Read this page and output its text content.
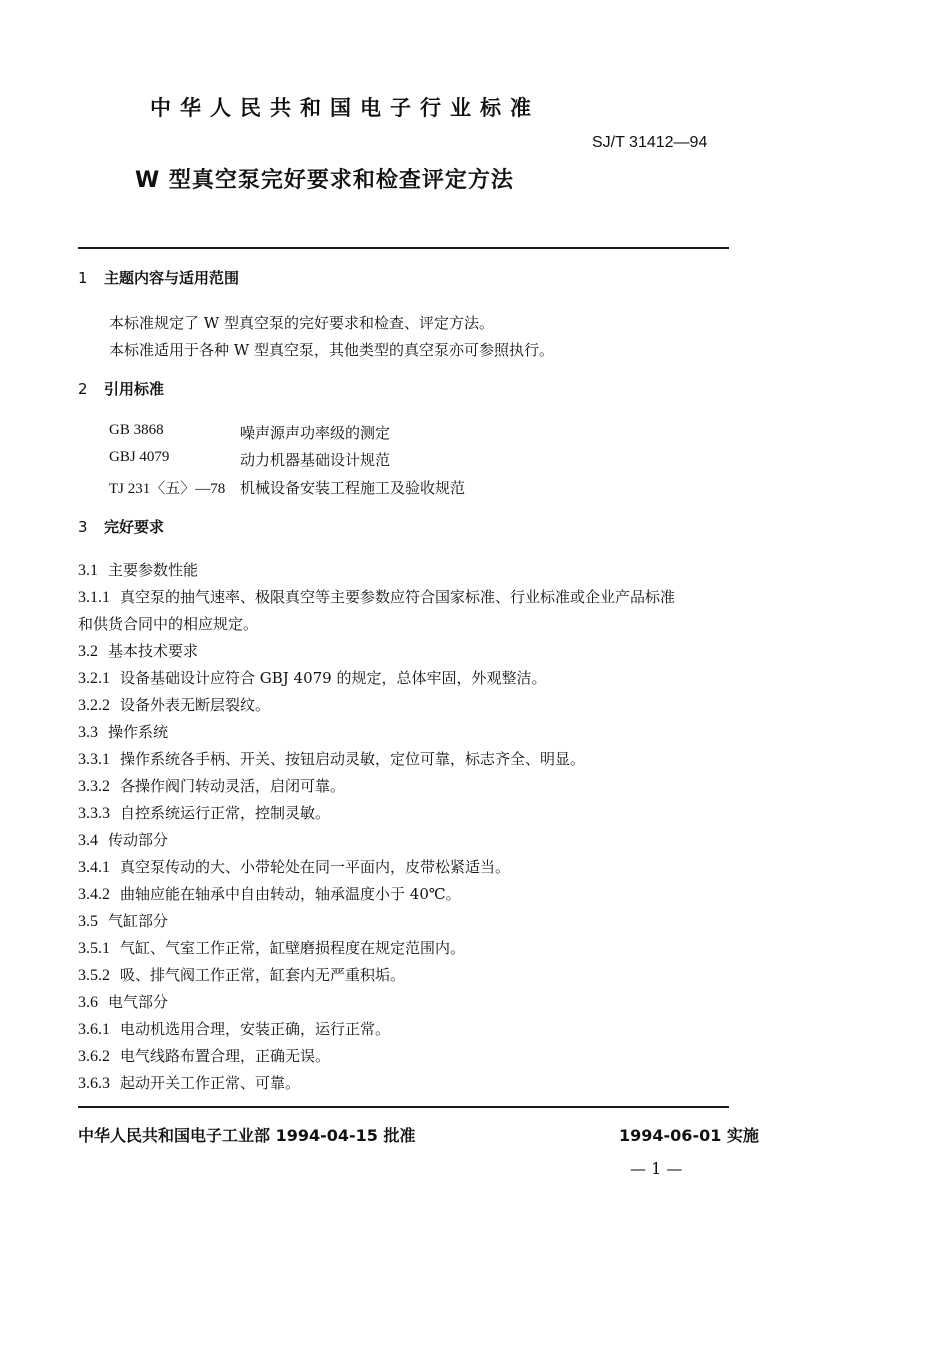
中华人民共和国电子行业标准
SJ/T 31412—94
W 型真空泵完好要求和检查评定方法
1 主题内容与适用范围
本标准规定了 W 型真空泵的完好要求和检查、评定方法。
本标准适用于各种 W 型真空泵，其他类型的真空泵亦可参照执行。
2 引用标准
GB 3868	噪声源声功率级的测定
GBJ 4079	动力机器基础设计规范
TJ 231〈五〉—78 机械设备安装工程施工及验收规范
3 完好要求
3.1 主要参数性能
3.1.1 真空泵的抽气速率、极限真空等主要参数应符合国家标准、行业标准或企业产品标准
和供货合同中的相应规定。
3.2 基本技术要求
3.2.1 设备基础设计应符合 GBJ 4079 的规定，总体牢固，外观整洁。
3.2.2 设备外表无断层裂纹。
3.3 操作系统
3.3.1 操作系统各手柄、开关、按钮启动灵敏，定位可靠，标志齐全、明显。
3.3.2 各操作阀门转动灵活，启闭可靠。
3.3.3 自控系统运行正常，控制灵敏。
3.4 传动部分
3.4.1 真空泵传动的大、小带轮处在同一平面内，皮带松紧适当。
3.4.2 曲轴应能在轴承中自由转动，轴承温度小于 40℃。
3.5 气缸部分
3.5.1 气缸、气室工作正常，缸壁磨损程度在规定范围内。
3.5.2 吸、排气阀工作正常，缸套内无严重积垢。
3.6 电气部分
3.6.1 电动机选用合理，安装正确，运行正常。
3.6.2 电气线路布置合理，正确无误。
3.6.3 起动开关工作正常、可靠。
中华人民共和国电子工业部 1994-04-15 批准	1994-06-01 实施
— 1 —
